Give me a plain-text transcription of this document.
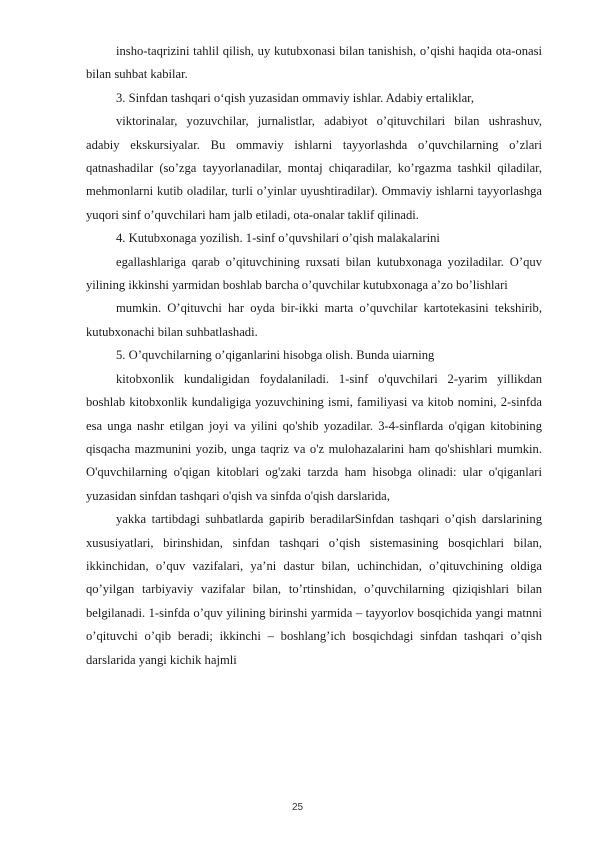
insho-taqrizini tahlil qilish, uy kutubxonasi bilan tanishish, o’qishi haqida ota-onasi bilan suhbat kabilar.

3. Sinfdan tashqari o‘qish yuzasidan ommaviy ishlar. Adabiy ertaliklar,

viktorinalar, yozuvchilar, jurnalistlar, adabiyot o’qituvchilari bilan ushrashuv, adabiy ekskursiyalar. Bu ommaviy ishlarni tayyorlashda o’quvchilarning o’zlari qatnashadilar (so’zga tayyorlanadilar, montaj chiqaradilar, ko’rgazma tashkil qiladilar, mehmonlarni kutib oladilar, turli o’yinlar uyushtiradilar). Ommaviy ishlarni tayyorlashga yuqori sinf o’quvchilari ham jalb etiladi, ota-onalar taklif qilinadi.

4. Kutubxonaga yozilish. 1-sinf o’quvshilari o’qish malakalarini

egallashlariga qarab o’qituvchining ruxsati bilan kutubxonaga yoziladilar. O’quv yilining ikkinshi yarmidan boshlab barcha o’quvchilar kutubxonaga a’zo bo’lishlari

mumkin. O’qituvchi har oyda bir-ikki marta o’quvchilar kartotekasini tekshirib, kutubxonachi bilan suhbatlashadi.

5. O’quvchilarning o’qiganlarini hisobga olish. Bunda uiarning

kitobxonlik kundaligidan foydalaniladi. 1-sinf o'quvchilari 2-yarim yillikdan boshlab kitobxonlik kundaligiga yozuvchining ismi, familiyasi va kitob nomini, 2-sinfda esa unga nashr etilgan joyi va yilini qo'shib yozadilar. 3-4-sinflarda o'qigan kitobining qisqacha mazmunini yozib, unga taqriz va o'z mulohazalarini ham qo'shishlari mumkin. O'quvchilarning o'qigan kitoblari og'zaki tarzda ham hisobga olinadi: ular o'qiganlari yuzasidan sinfdan tashqari o'qish va sinfda o'qish darslarida,

yakka tartibdagi suhbatlarda gapirib beradilarSinfdan tashqari o’qish darslarining xususiyatlari, birinshidan, sinfdan tashqari o’qish sistemasining bosqichlari bilan, ikkinchidan, o’quv vazifalari, ya’ni dastur bilan, uchinchidan, o’qituvchining oldiga qo’yilgan tarbiyaviy vazifalar bilan, to’rtinshidan, o’quvchilarning qiziqishlari bilan belgilanadi. 1-sinfda o’quv yilining birinshi yarmida – tayyorlov bosqichida yangi matnni o’qituvchi o’qib beradi; ikkinchi – boshlang’ich bosqichdagi sinfdan tashqari o’qish darslarida yangi kichik hajmli

25
